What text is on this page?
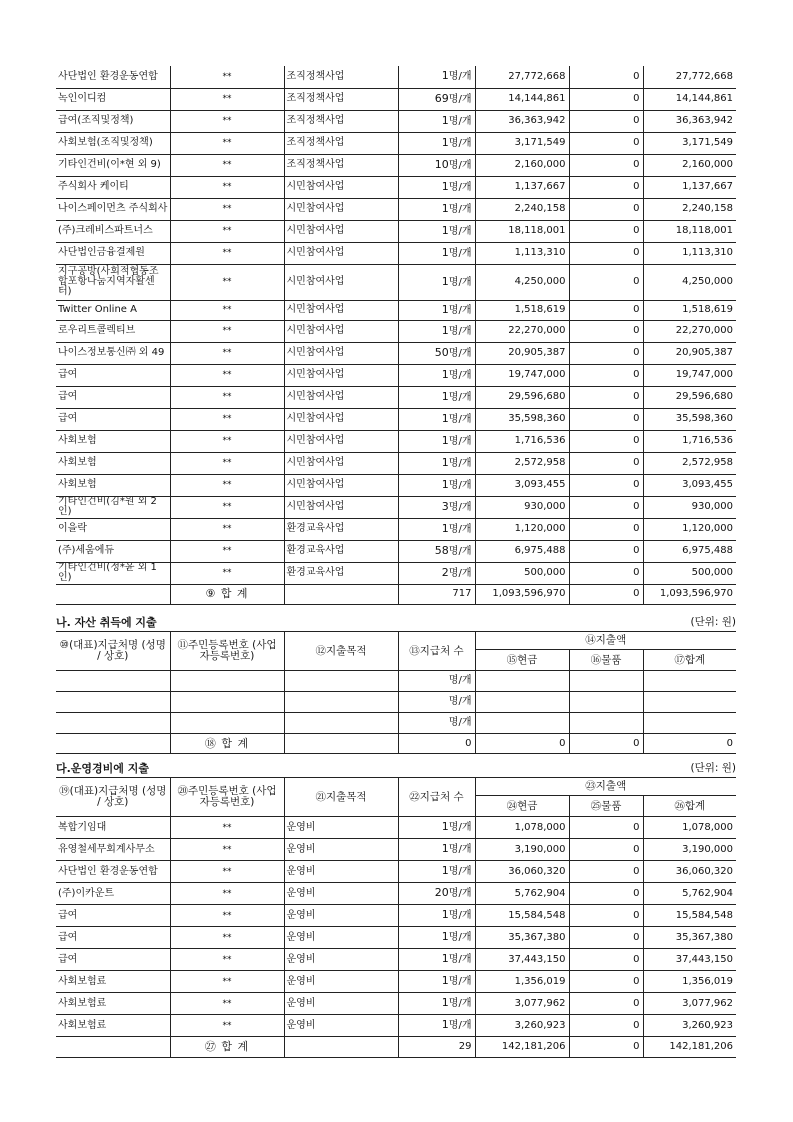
사단법인 환경운동연합	**	조직정책사업	1명/개	27,772,668	0	27,772,668
녹인이디컴	**	조직정책사업	69명/개	14,144,861	0	14,144,861
급여(조직및정책)	**	조직정책사업	1명/개	36,363,942	0	36,363,942
사회보험(조직및정책)	**	조직정책사업	1명/개	3,171,549	0	3,171,549
기타인건비(이*현 외 9)	**	조직정책사업	10명/개	2,160,000	0	2,160,000
주식회사 케이티	**	시민참여사업	1명/개	1,137,667	0	1,137,667
나이스페이먼츠 주식회사	**	시민참여사업	1명/개	2,240,158	0	2,240,158
(주)크레비스파트너스	**	시민참여사업	1명/개	18,118,001	0	18,118,001
사단법인금융결제원	**	시민참여사업	1명/개	1,113,310	0	1,113,310
지구공방(사회적협동조합포항나눔지역자활센터)	**	시민참여사업	1명/개	4,250,000	0	4,250,000
Twitter Online A	**	시민참여사업	1명/개	1,518,619	0	1,518,619
로우리트콜렉티브	**	시민참여사업	1명/개	22,270,000	0	22,270,000
나이스정보통신㈜ 외 49	**	시민참여사업	50명/개	20,905,387	0	20,905,387
급여	**	시민참여사업	1명/개	19,747,000	0	19,747,000
급여	**	시민참여사업	1명/개	29,596,680	0	29,596,680
급여	**	시민참여사업	1명/개	35,598,360	0	35,598,360
사회보험	**	시민참여사업	1명/개	1,716,536	0	1,716,536
사회보험	**	시민참여사업	1명/개	2,572,958	0	2,572,958
사회보험	**	시민참여사업	1명/개	3,093,455	0	3,093,455
기타인건비(김*원 외 2인)	**	시민참여사업	3명/개	930,000	0	930,000
이을락	**	환경교육사업	1명/개	1,120,000	0	1,120,000
(주)세움에듀	**	환경교육사업	58명/개	6,975,488	0	6,975,488
기타인건비(정*윤 외 1인)	**	환경교육사업	2명/개	500,000	0	500,000
	⑨ 합 계		717	1,093,596,970	0	1,093,596,970
나. 자산 취득에 지출	(단위: 원)
⑩(대표)지급처명 (성명 / 상호)	⑪주민등록번호 (사업자등록번호)	⑫지출목적	⑬지급처 수	⑭지출액		
				⑮현금	⑯물품	⑰합계
			명/개			
			명/개			
			명/개			
	⑱ 합 계		0	0	0	0
다.운영경비에 지출	(단위: 원)
⑲(대표)지급처명 (성명 / 상호)	⑳주민등록번호 (사업자등록번호)	㉑지출목적	㉒지급처 수	㉓지출액		
				㉔현금	㉕물품	㉖합계
복합기임대	**	운영비	1명/개	1,078,000	0	1,078,000
유영철세무회계사무소	**	운영비	1명/개	3,190,000	0	3,190,000
사단법인 환경운동연합	**	운영비	1명/개	36,060,320	0	36,060,320
(주)이카운트	**	운영비	20명/개	5,762,904	0	5,762,904
급여	**	운영비	1명/개	15,584,548	0	15,584,548
급여	**	운영비	1명/개	35,367,380	0	35,367,380
급여	**	운영비	1명/개	37,443,150	0	37,443,150
사회보험료	**	운영비	1명/개	1,356,019	0	1,356,019
사회보험료	**	운영비	1명/개	3,077,962	0	3,077,962
사회보험료	**	운영비	1명/개	3,260,923	0	3,260,923
	㉗ 합 계		29	142,181,206	0	142,181,206
